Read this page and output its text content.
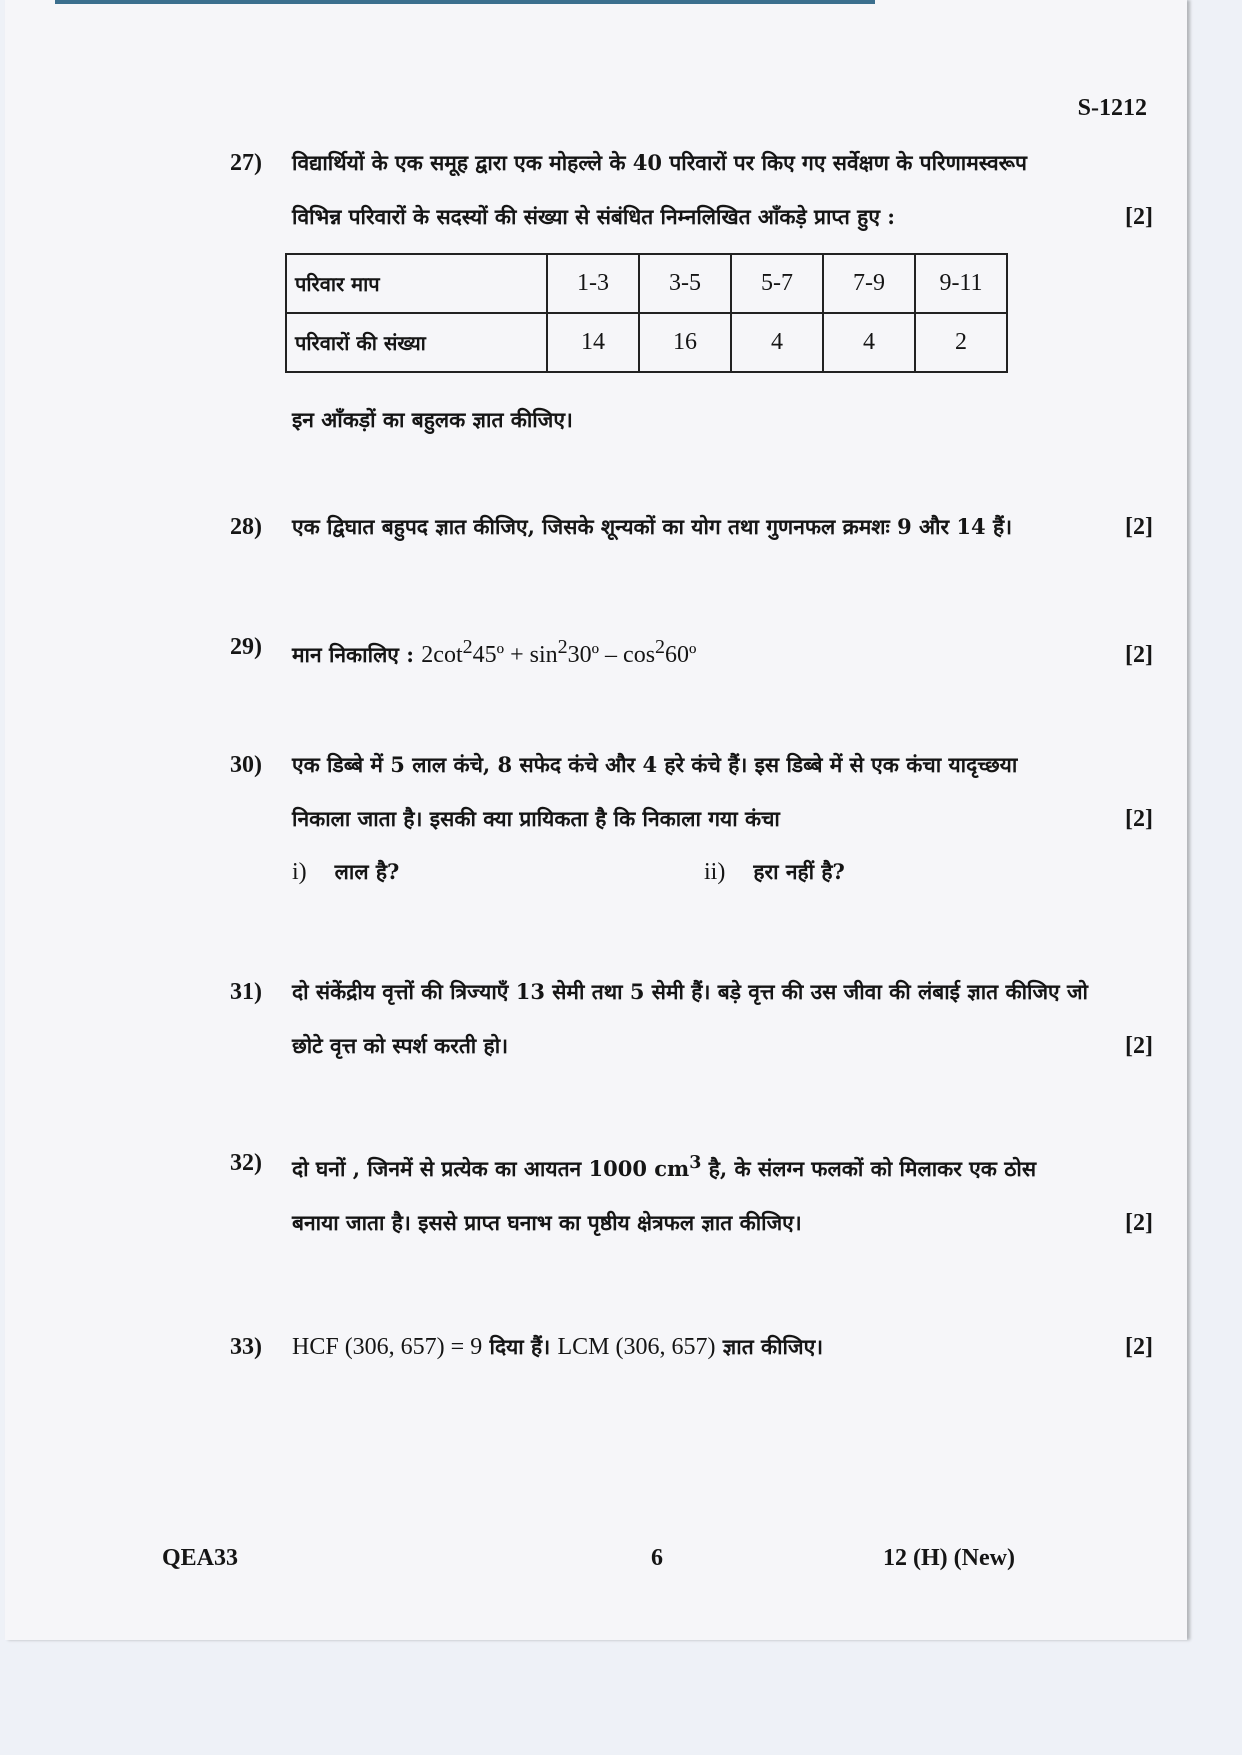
S-1212
27) विद्यार्थियों के एक समूह द्वारा एक मोहल्ले के 40 परिवारों पर किए गए सर्वेक्षण के परिणामस्वरूप
विभिन्न परिवारों के सदस्यों की संख्या से संबंधित निम्नलिखित आँकड़े प्राप्त हुए :	[2]
परिवार माप	1-3	3-5	5-7	7-9	9-11
परिवारों की संख्या	14	16	4	4	2
इन आँकड़ों का बहुलक ज्ञात कीजिए।
28) एक द्विघात बहुपद ज्ञात कीजिए, जिसके शून्यकों का योग तथा गुणनफल क्रमशः 9 और 14 हैं।	[2]
29) मान निकालिए : $2\cot^245º$ + $\sin^230º$ – $\cos^260º$	[2]
30) एक डिब्बे में 5 लाल कंचे, 8 सफेद कंचे और 4 हरे कंचे हैं। इस डिब्बे में से एक कंचा यादृच्छया
निकाला जाता है। इसकी क्या प्रायिकता है कि निकाला गया कंचा	[2]
i) लाल है?	ii) हरा नहीं है?
31) दो संकेंद्रीय वृत्तों की त्रिज्याएँ 13 सेमी तथा 5 सेमी हैं। बड़े वृत्त की उस जीवा की लंबाई ज्ञात कीजिए जो
छोटे वृत्त को स्पर्श करती हो।	[2]
32) दो घनों , जिनमें से प्रत्येक का आयतन 1000 $cm^3$ है, के संलग्न फलकों को मिलाकर एक ठोस
बनाया जाता है। इससे प्राप्त घनाभ का पृष्ठीय क्षेत्रफल ज्ञात कीजिए।	[2]
33) HCF (306, 657) = 9 दिया हैं। LCM (306, 657) ज्ञात कीजिए।	[2]
QEA33	6	12 (H) (New)
